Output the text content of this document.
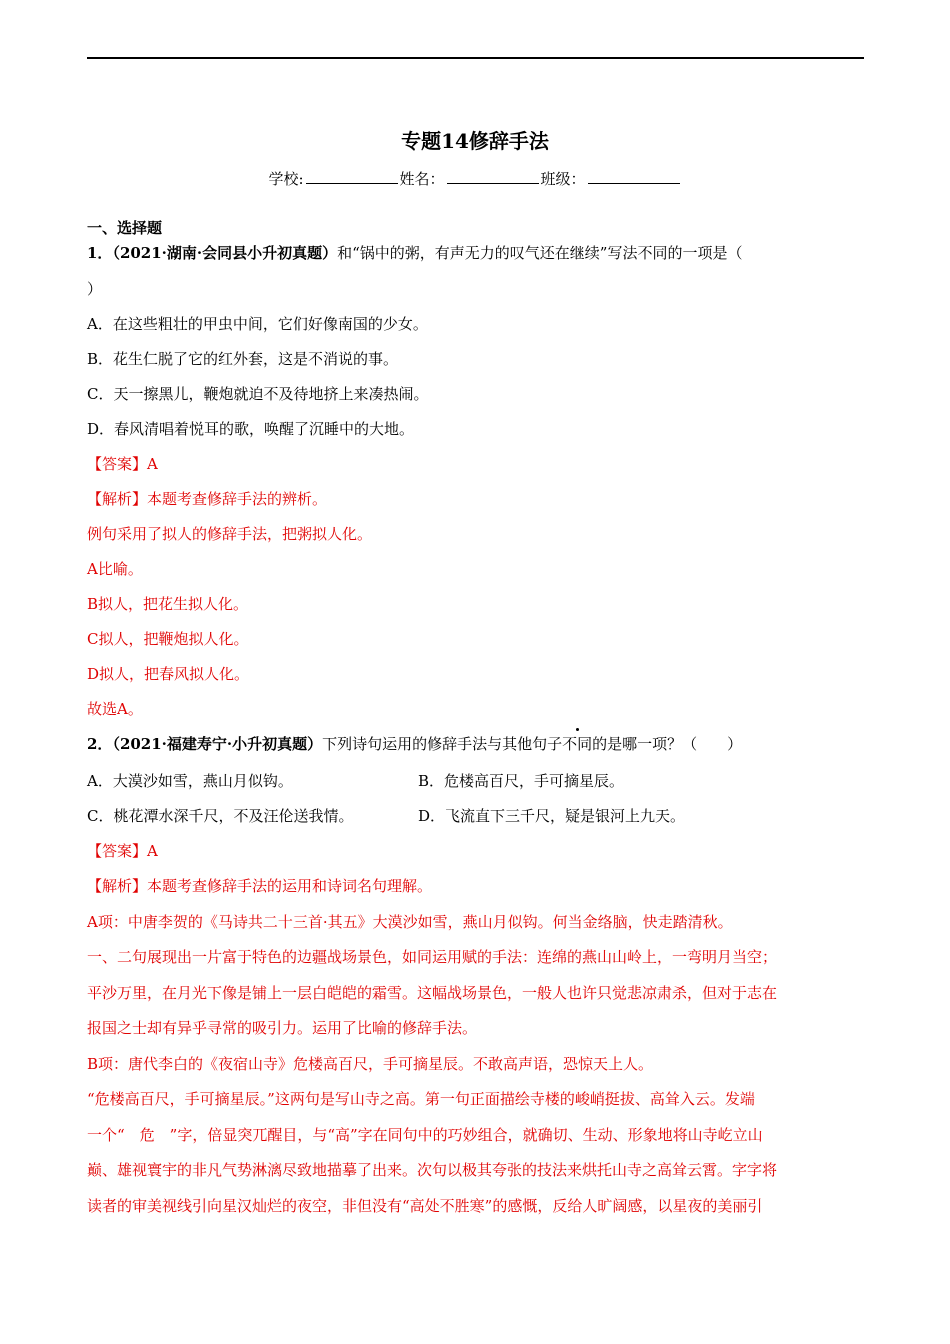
专题14修辞手法
学校:	姓名：	班级：
一、选择题
1．（2021·湖南·会同县小升初真题）和“锅中的粥，有声无力的叹气还在继续”写法不同的一项是（
）
A．在这些粗壮的甲虫中间，它们好像南国的少女。
B．花生仁脱了它的红外套，这是不消说的事。
C．天一擦黑儿，鞭炮就迫不及待地挤上来凑热闹。
D．春风清唱着悦耳的歌，唤醒了沉睡中的大地。
【答案】A
【解析】本题考查修辞手法的辨析。
例句采用了拟人的修辞手法，把粥拟人化。
A比喻。
B拟人，把花生拟人化。
C拟人，把鞭炮拟人化。
D拟人，把春风拟人化。
故选A。
2．（2021·福建寿宁·小升初真题）下列诗句运用的修辞手法与其他句子不同的是哪一项？（　　）
A．大漠沙如雪，燕山月似钩。	B．危楼高百尺，手可摘星辰。
C．桃花潭水深千尺，不及汪伦送我情。	D．飞流直下三千尺，疑是银河上九天。
【答案】A
【解析】本题考查修辞手法的运用和诗词名句理解。
A项：中唐李贺的《马诗共二十三首·其五》大漠沙如雪，燕山月似钩。何当金络脑，快走踏清秋。
一、二句展现出一片富于特色的边疆战场景色，如同运用赋的手法：连绵的燕山山岭上，一弯明月当空；
平沙万里，在月光下像是铺上一层白皑皑的霜雪。这幅战场景色，一般人也许只觉悲凉肃杀，但对于志在
报国之士却有异乎寻常的吸引力。运用了比喻的修辞手法。
B项：唐代李白的《夜宿山寺》危楼高百尺，手可摘星辰。不敢高声语，恐惊天上人。
“危楼高百尺，手可摘星辰。”这两句是写山寺之高。第一句正面描绘寺楼的峻峭挺拔、高耸入云。发端
一个“　危　”字，倍显突兀醒目，与“高”字在同句中的巧妙组合，就确切、生动、形象地将山寺屹立山
巅、雄视寰宇的非凡气势淋漓尽致地描摹了出来。次句以极其夸张的技法来烘托山寺之高耸云霄。字字将
读者的审美视线引向星汉灿烂的夜空，非但没有“高处不胜寒”的感慨，反给人旷阔感，以星夜的美丽引
